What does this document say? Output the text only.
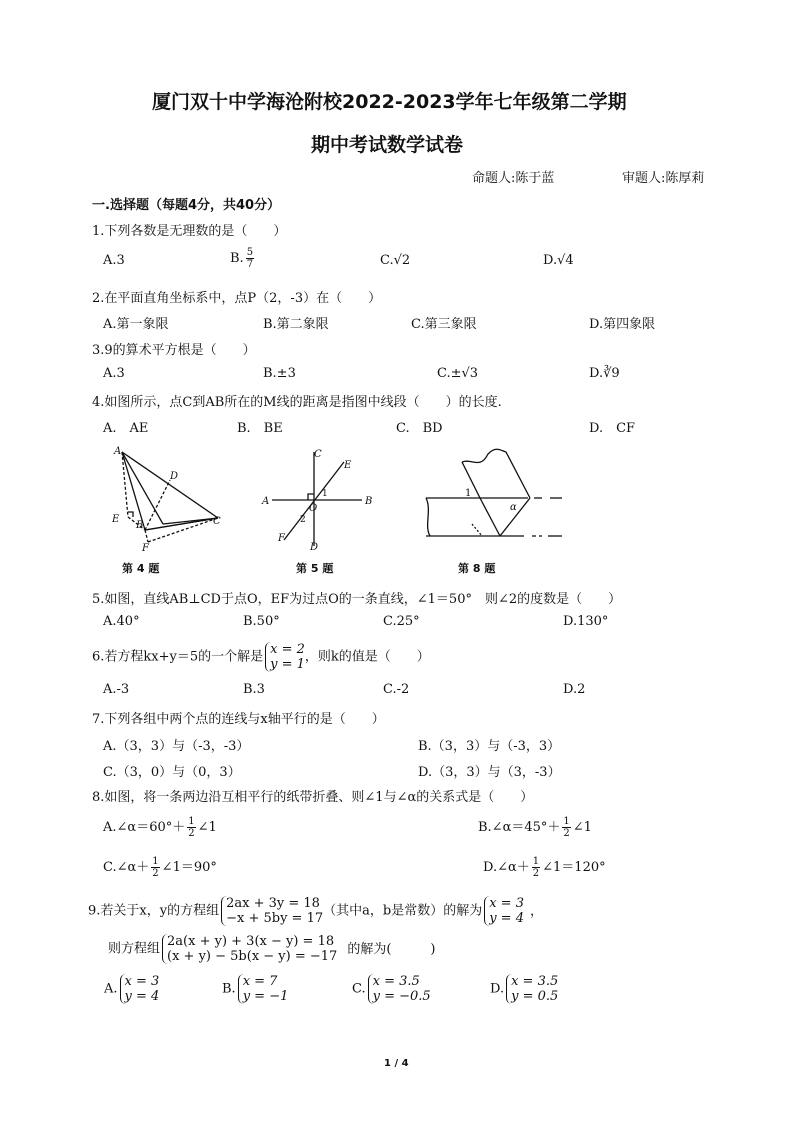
厦门双十中学海沧附校2022-2023学年七年级第二学期
期中考试数学试卷
命题人:陈于蓝	审题人:陈厚莉
一.选择题（每题4分，共40分）
1.下列各数是无理数的是（　　）
A.3	B. $\frac{5}{7}$	C.√2	D.√4
2.在平面直角坐标系中，点P（2，-3）在（　　）
A.第一象限	B.第二象限	C.第三象限	D.第四象限
3.9的算术平方根是（　　）
A.3	B.±3	C.±√3	D.∛9
4.如图所示，点C到AB所在的M线的距离是指图中线段（　　）的长度.
A.　AE	B.　BE	C.　BD	D.　CF
A
D
E
B	C
F
第 4 题
C
E
A	B
O
1
2
F
D
第 5 题
1
α
第 8 题
5.如图，直线AB⊥CD于点O，EF为过点O的一条直线，∠1＝50°　则∠2的度数是（　　）
A.40°	B.50°	C.25°	D.130°
6.若方程kx+y＝5的一个解是 x = 2
y = 1 ，则k的值是（　　）
A.-3	B.3	C.-2	D.2
7.下列各组中两个点的连线与x轴平行的是（　　）
A.（3，3）与（-3，-3）	B.（3，3）与（-3，3）
C.（3，0）与（0，3）	D.（3，3）与（3，-3）
8.如图，将一条两边沿互相平行的纸带折叠、则∠1与∠α的关系式是（　　）
A.∠α＝60°＋ $\frac{1}{2}$ ∠1	B.∠α＝45°＋ $\frac{1}{2}$ ∠1
C.∠α＋ $\frac{1}{2}$ ∠1＝90°	D.∠α＋ $\frac{1}{2}$ ∠1＝120°
9.若关于x，y的方程组 2ax + 3y = 18
−x + 5by = 17 （其中a，b是常数）的解为 x = 3
y = 4 ，
则方程组 2a(x + y) + 3(x − y) = 18
(x + y) − 5b(x − y) = −17 的解为(　　　)
A. x = 3
y = 4	B. x = 7
y = −1	C. x = 3.5
y = −0.5	D. x = 3.5
y = 0.5
1 / 4
